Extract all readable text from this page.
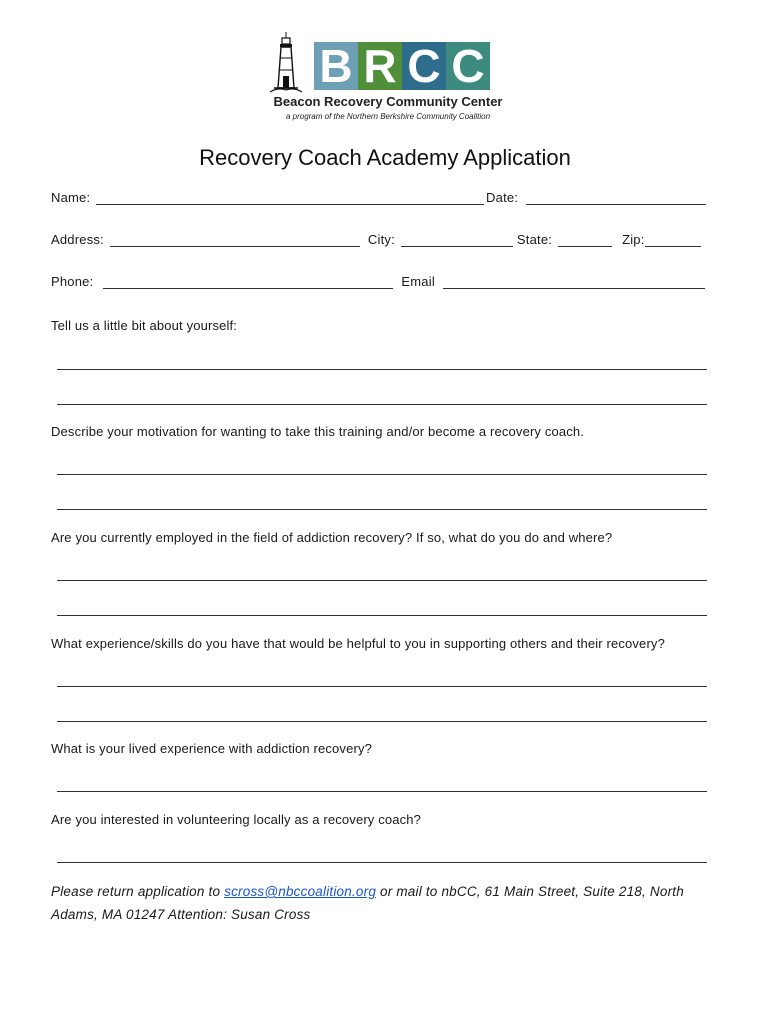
B R C C
Beacon Recovery Community Center
a program of the Northern Berkshire Community Coalition
Recovery Coach Academy Application
Name:	Date:
Address:	City:	State:	Zip:
Phone:	Email
Tell us a little bit about yourself:
Describe your motivation for wanting to take this training and/or become a recovery coach.
Are you currently employed in the field of addiction recovery? If so, what do you do and where?
What experience/skills do you have that would be helpful to you in supporting others and their recovery?
What is your lived experience with addiction recovery?
Are you interested in volunteering locally as a recovery coach?
Please return application to scross@nbccoalition.org or mail to nbCC, 61 Main Street, Suite 218, North Adams, MA 01247 Attention: Susan Cross
